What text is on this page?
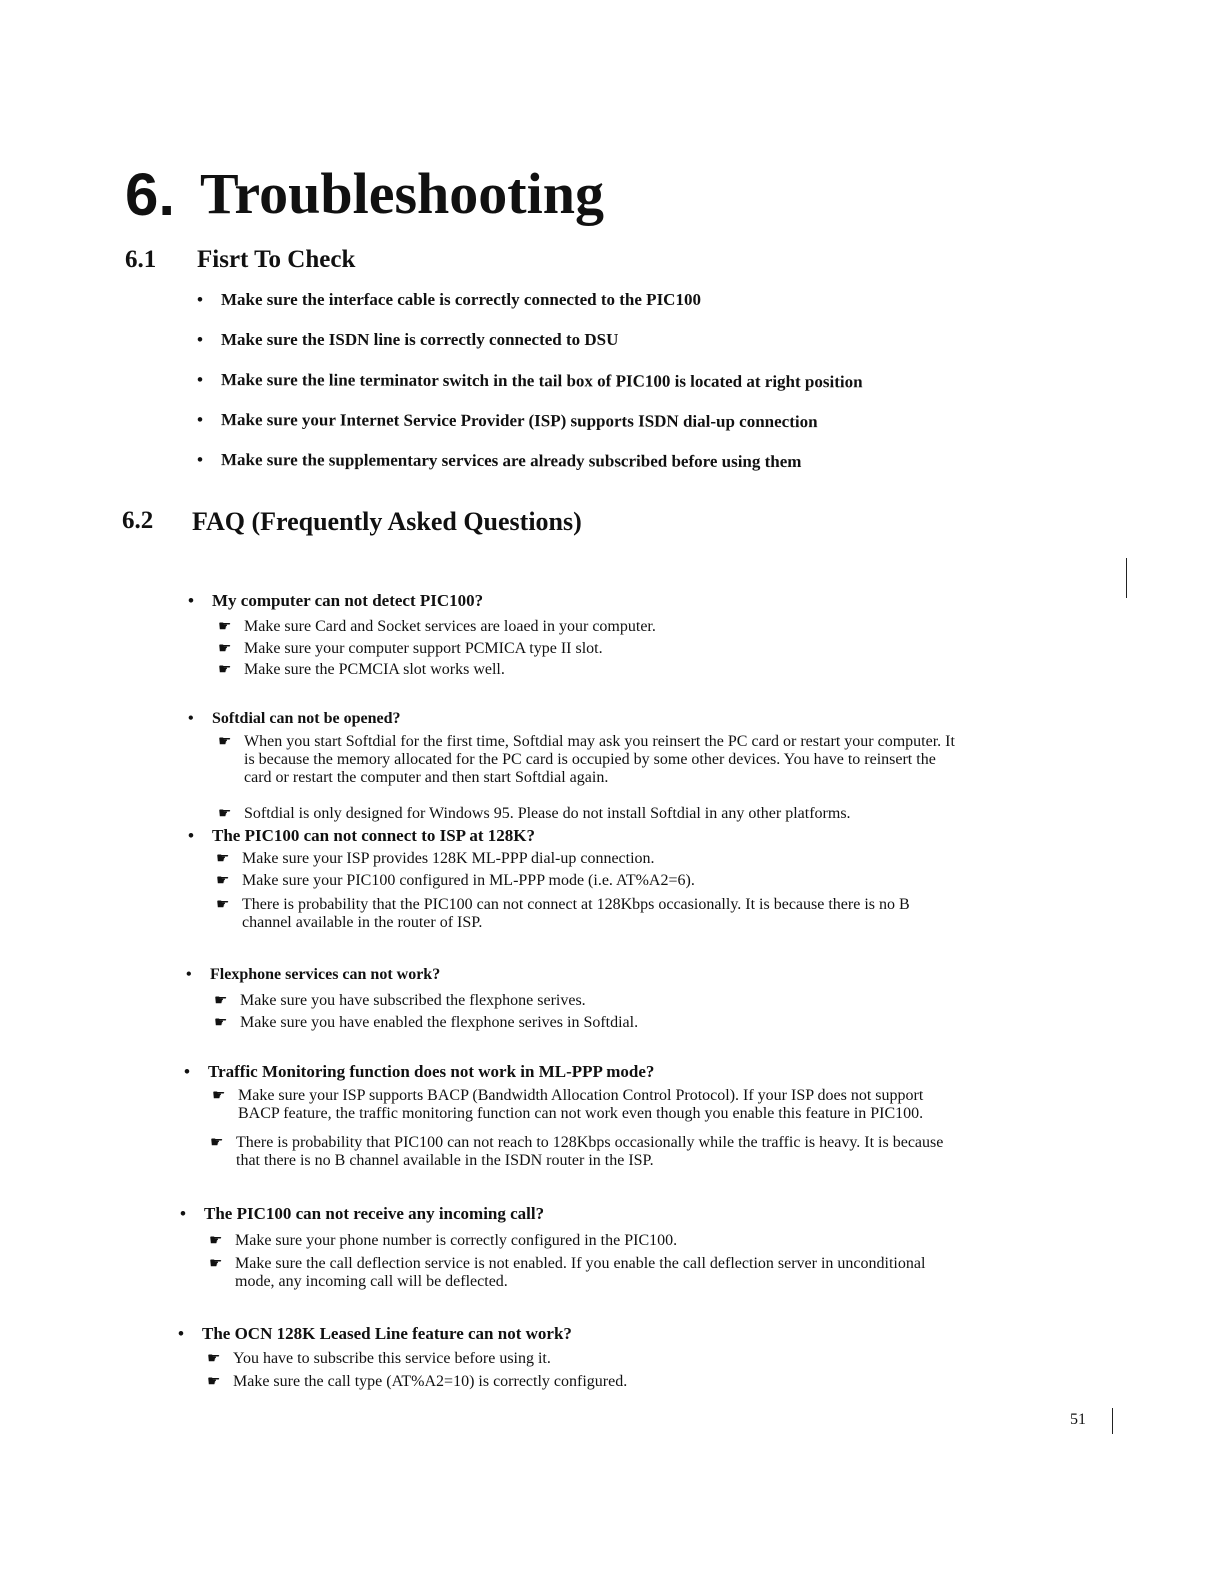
6. Troubleshooting
6.1 Fisrt To Check
• Make sure the interface cable is correctly connected to the PIC100
• Make sure the ISDN line is correctly connected to DSU
• Make sure the line terminator switch in the tail box of PIC100 is located at right position
• Make sure your Internet Service Provider (ISP) supports ISDN dial-up connection
• Make sure the supplementary services are already subscribed before using them
6.2 FAQ (Frequently Asked Questions)
• My computer can not detect PIC100?
☛ Make sure Card and Socket services are loaed in your computer.
☛ Make sure your computer support PCMICA type II slot.
☛ Make sure the PCMCIA slot works well.
• Softdial can not be opened?
☛ When you start Softdial for the first time, Softdial may ask you reinsert the PC card or restart your computer. It
is because the memory allocated for the PC card is occupied by some other devices. You have to reinsert the
card or restart the computer and then start Softdial again.
☛ Softdial is only designed for Windows 95. Please do not install Softdial in any other platforms.
• The PIC100 can not connect to ISP at 128K?
☛ Make sure your ISP provides 128K ML-PPP dial-up connection.
☛ Make sure your PIC100 configured in ML-PPP mode (i.e. AT%A2=6).
☛ There is probability that the PIC100 can not connect at 128Kbps occasionally. It is because there is no B
channel available in the router of ISP.
• Flexphone services can not work?
☛ Make sure you have subscribed the flexphone serives.
☛ Make sure you have enabled the flexphone serives in Softdial.
• Traffic Monitoring function does not work in ML-PPP mode?
☛ Make sure your ISP supports BACP (Bandwidth Allocation Control Protocol). If your ISP does not support
BACP feature, the traffic monitoring function can not work even though you enable this feature in PIC100.
☛ There is probability that PIC100 can not reach to 128Kbps occasionally while the traffic is heavy. It is because
that there is no B channel available in the ISDN router in the ISP.
• The PIC100 can not receive any incoming call?
☛ Make sure your phone number is correctly configured in the PIC100.
☛ Make sure the call deflection service is not enabled. If you enable the call deflection server in unconditional
mode, any incoming call will be deflected.
• The OCN 128K Leased Line feature can not work?
☛ You have to subscribe this service before using it.
☛ Make sure the call type (AT%A2=10) is correctly configured.
51
